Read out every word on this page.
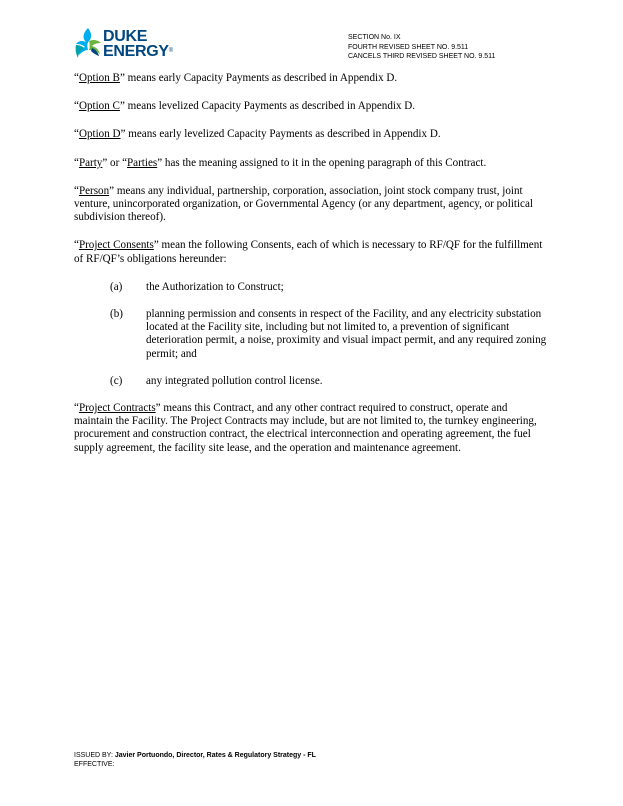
DUKE
ENERGY®
SECTION No. IX
FOURTH REVISED SHEET NO. 9.511
CANCELS THIRD REVISED SHEET NO. 9.511

“Option B” means early Capacity Payments as described in Appendix D.

“Option C” means levelized Capacity Payments as described in Appendix D.

“Option D” means early levelized Capacity Payments as described in Appendix D.

“Party” or “Parties” has the meaning assigned to it in the opening paragraph of this Contract.

“Person” means any individual, partnership, corporation, association, joint stock company trust, joint venture, unincorporated organization, or Governmental Agency (or any department, agency, or political subdivision thereof).

“Project Consents” mean the following Consents, each of which is necessary to RF/QF for the fulfillment of RF/QF’s obligations hereunder:

(a)	the Authorization to Construct;
(b)	planning permission and consents in respect of the Facility, and any electricity substation located at the Facility site, including but not limited to, a prevention of significant deterioration permit, a noise, proximity and visual impact permit, and any required zoning permit; and
(c)	any integrated pollution control license.

“Project Contracts” means this Contract, and any other contract required to construct, operate and maintain the Facility. The Project Contracts may include, but are not limited to, the turnkey engineering, procurement and construction contract, the electrical interconnection and operating agreement, the fuel supply agreement, the facility site lease, and the operation and maintenance agreement.

ISSUED BY: Javier Portuondo, Director, Rates & Regulatory Strategy - FL
EFFECTIVE:
